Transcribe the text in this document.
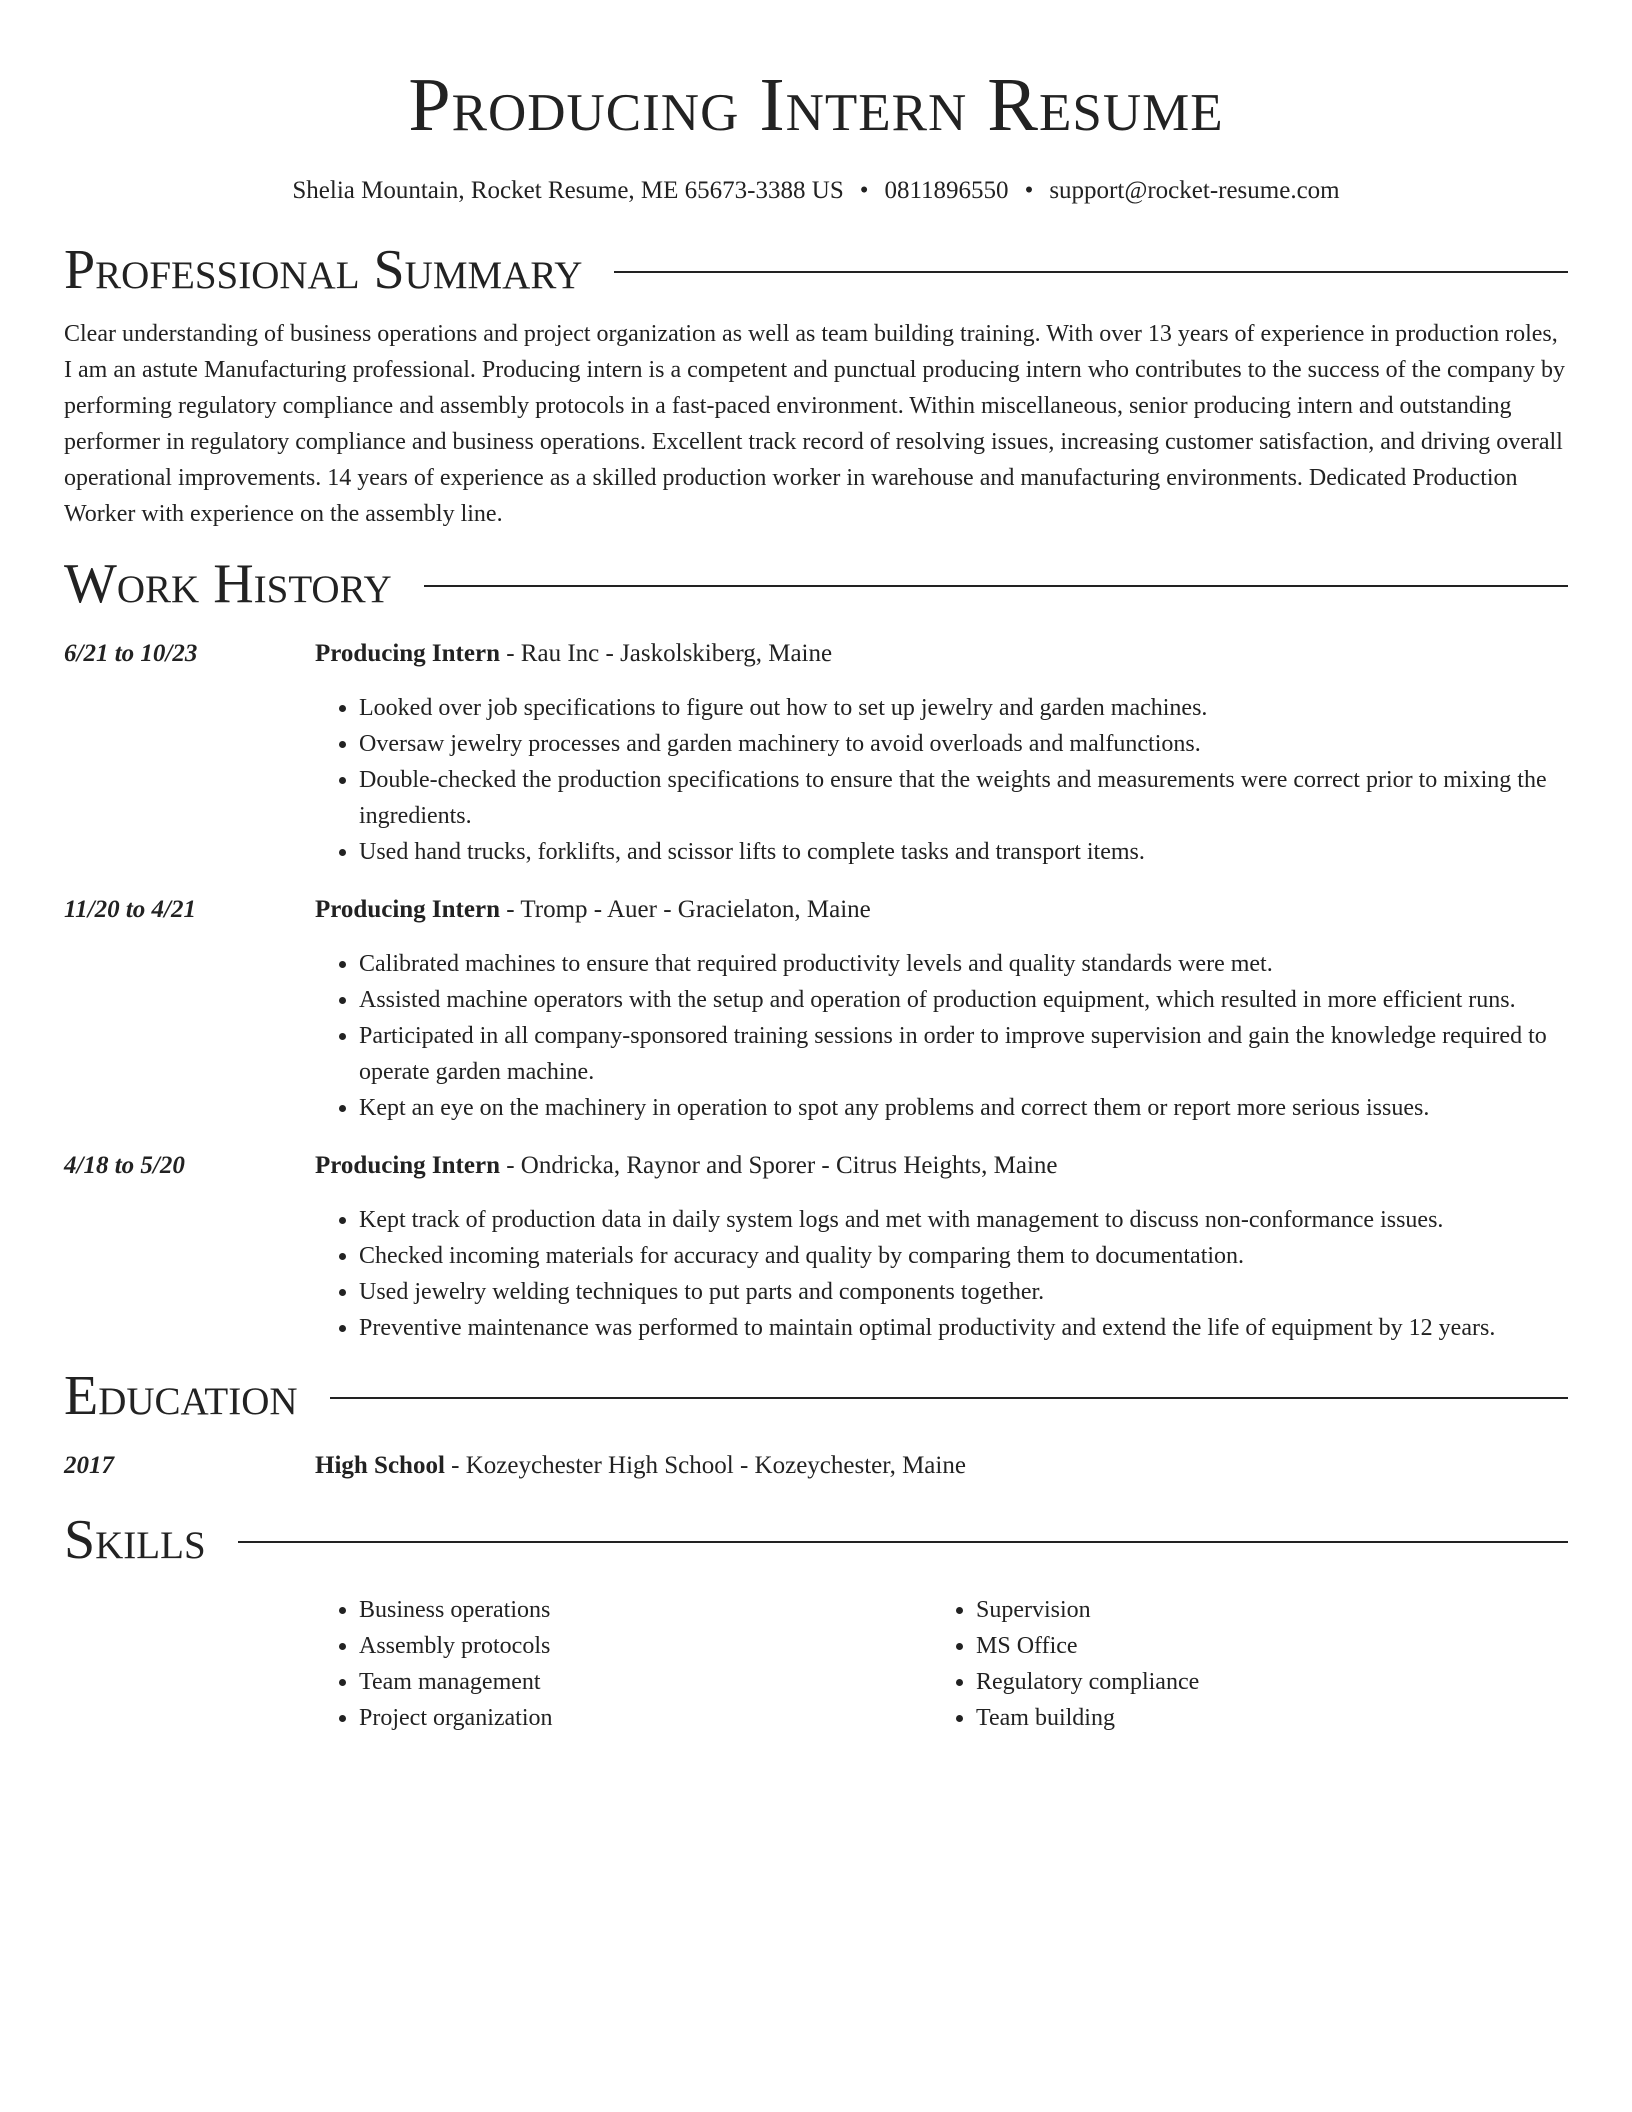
Producing Intern Resume
Shelia Mountain, Rocket Resume, ME 65673-3388 US • 0811896550 • support@rocket-resume.com
Professional Summary

Clear understanding of business operations and project organization as well as team building training. With over 13 years of experience in production roles, I am an astute Manufacturing professional. Producing intern is a competent and punctual producing intern who contributes to the success of the company by performing regulatory compliance and assembly protocols in a fast-paced environment. Within miscellaneous, senior producing intern and outstanding performer in regulatory compliance and business operations. Excellent track record of resolving issues, increasing customer satisfaction, and driving overall operational improvements. 14 years of experience as a skilled production worker in warehouse and manufacturing environments. Dedicated Production Worker with experience on the assembly line.

Work History
6/21 to 10/23	Producing Intern - Rau Inc - Jaskolskiberg, Maine
• Looked over job specifications to figure out how to set up jewelry and garden machines.
• Oversaw jewelry processes and garden machinery to avoid overloads and malfunctions.
• Double-checked the production specifications to ensure that the weights and measurements were correct prior to mixing the ingredients.
• Used hand trucks, forklifts, and scissor lifts to complete tasks and transport items.
11/20 to 4/21	Producing Intern - Tromp - Auer - Gracielaton, Maine
• Calibrated machines to ensure that required productivity levels and quality standards were met.
• Assisted machine operators with the setup and operation of production equipment, which resulted in more efficient runs.
• Participated in all company-sponsored training sessions in order to improve supervision and gain the knowledge required to operate garden machine.
• Kept an eye on the machinery in operation to spot any problems and correct them or report more serious issues.
4/18 to 5/20	Producing Intern - Ondricka, Raynor and Sporer - Citrus Heights, Maine
• Kept track of production data in daily system logs and met with management to discuss non-conformance issues.
• Checked incoming materials for accuracy and quality by comparing them to documentation.
• Used jewelry welding techniques to put parts and components together.
• Preventive maintenance was performed to maintain optimal productivity and extend the life of equipment by 12 years.
Education
2017	High School - Kozeychester High School - Kozeychester, Maine
Skills
• Business operations
• Assembly protocols
• Team management
• Project organization
• Supervision
• MS Office
• Regulatory compliance
• Team building
